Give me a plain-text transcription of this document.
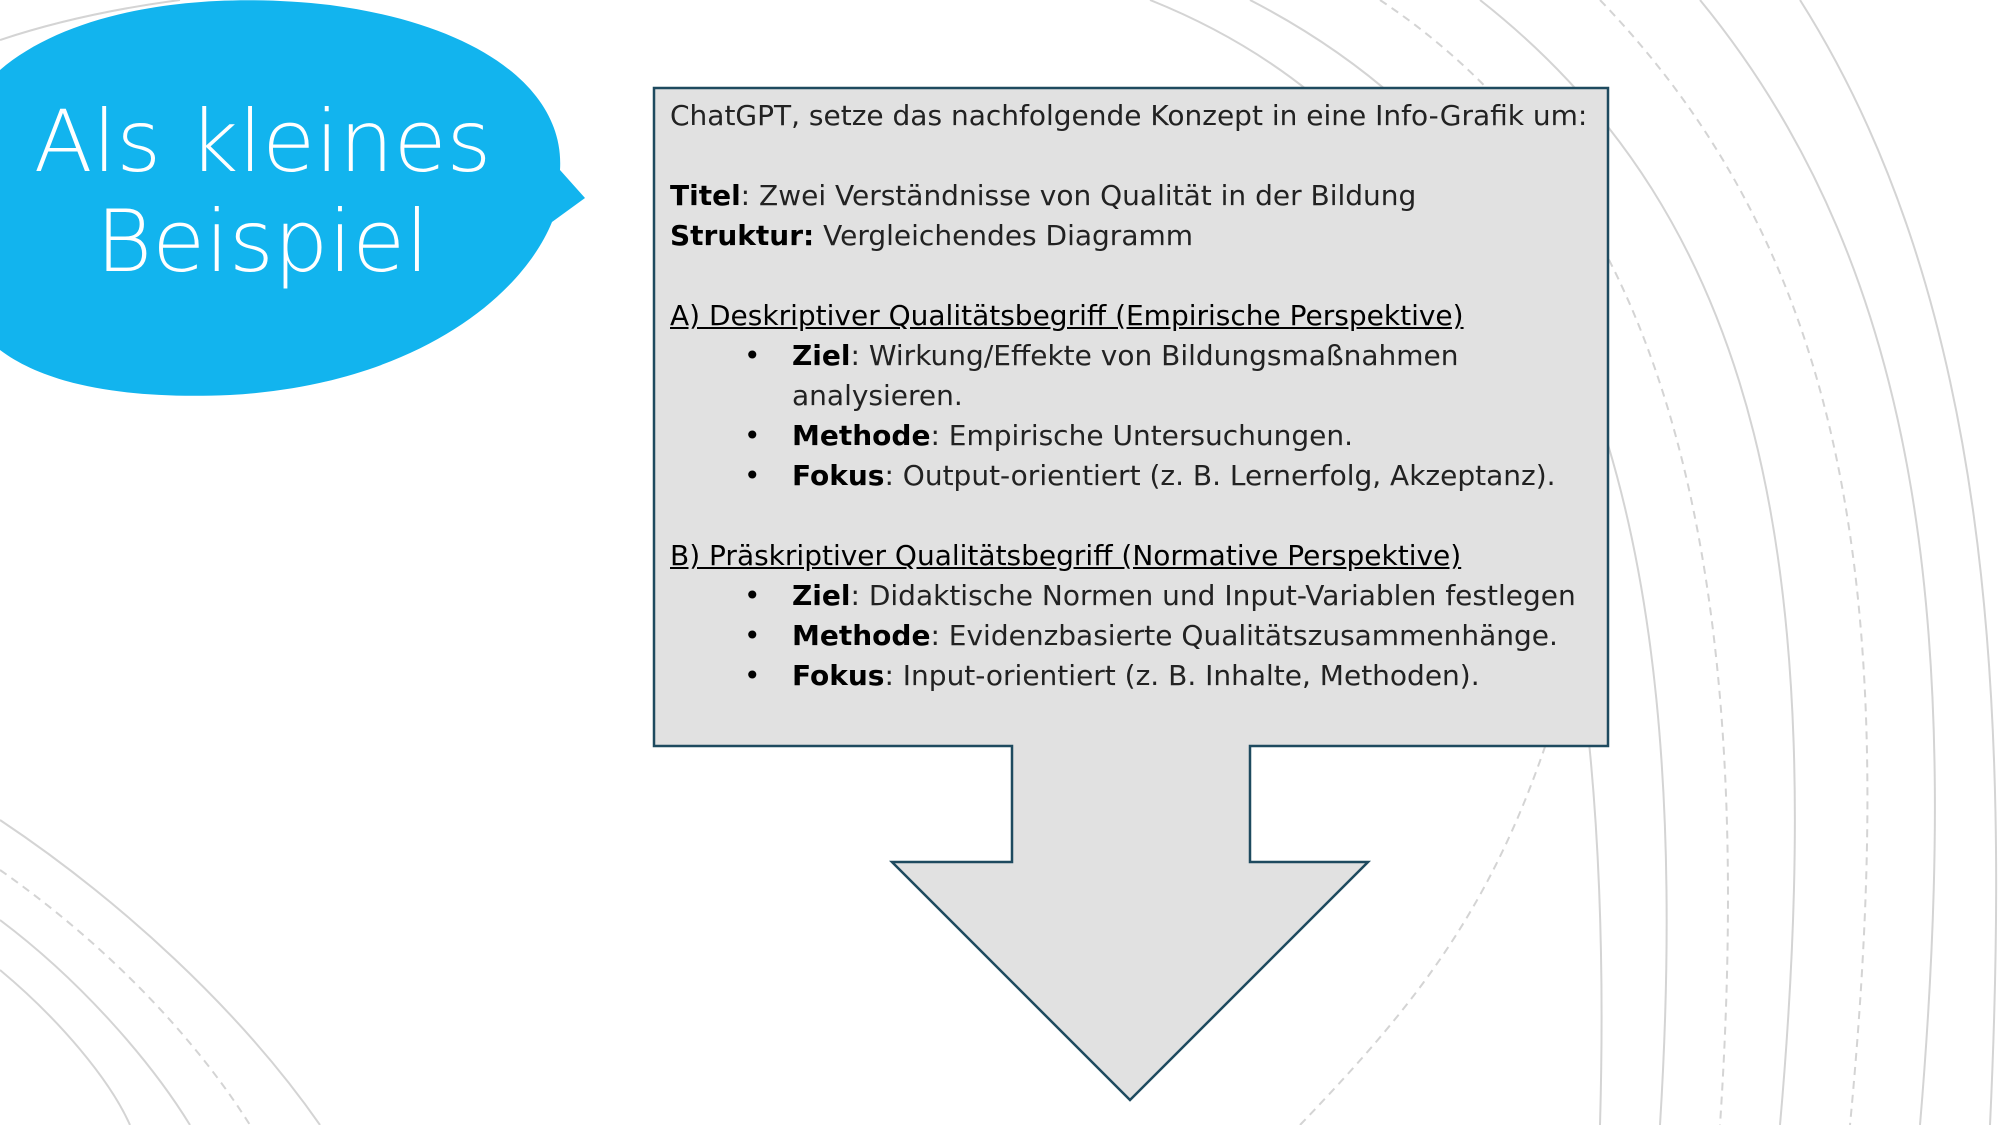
Als kleines
Beispiel
ChatGPT, setze das nachfolgende Konzept in eine Info-Grafik um:
Titel: Zwei Verständnisse von Qualität in der Bildung
Struktur: Vergleichendes Diagramm
A) Deskriptiver Qualitätsbegriff (Empirische Perspektive)
• Ziel: Wirkung/Effekte von Bildungsmaßnahmen analysieren.
• Methode: Empirische Untersuchungen.
• Fokus: Output-orientiert (z. B. Lernerfolg, Akzeptanz).
B) Präskriptiver Qualitätsbegriff (Normative Perspektive)
• Ziel: Didaktische Normen und Input-Variablen festlegen
• Methode: Evidenzbasierte Qualitätszusammenhänge.
• Fokus: Input-orientiert (z. B. Inhalte, Methoden).
